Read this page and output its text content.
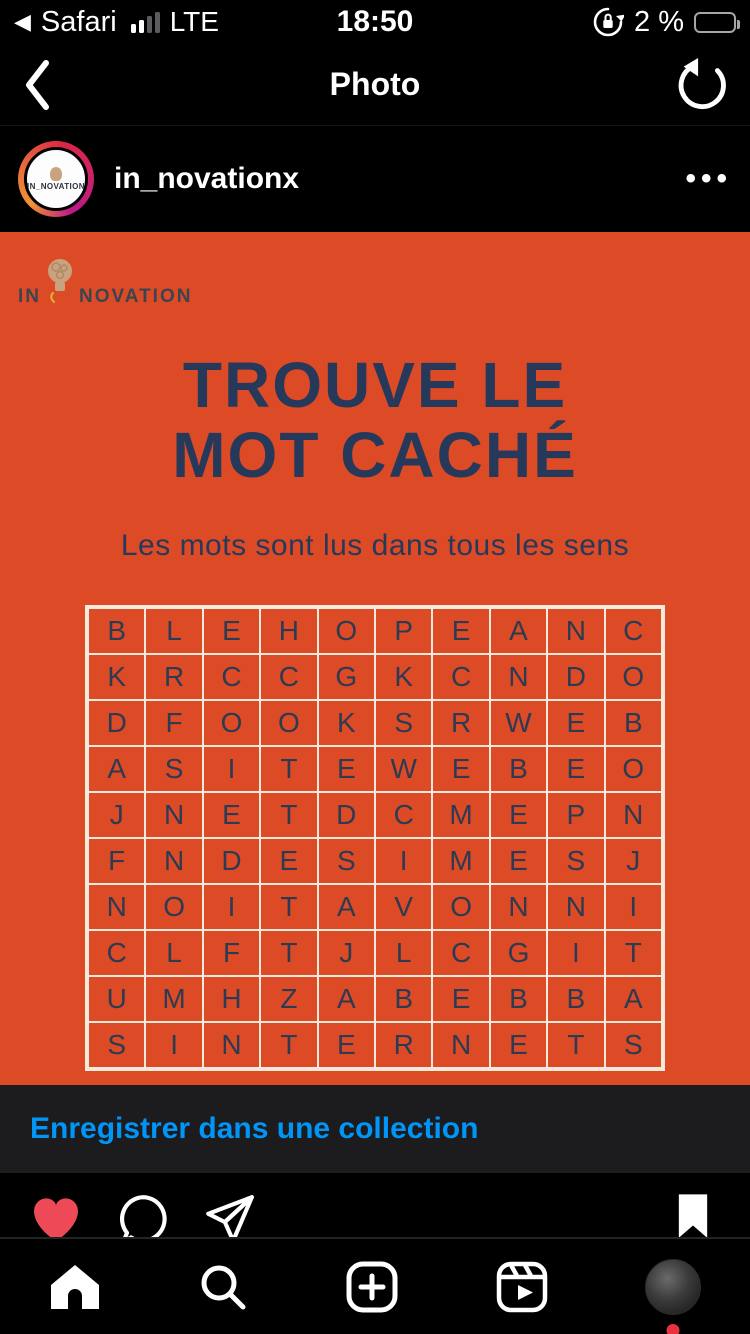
◀ Safari LTE	18:50	2 %
Photo
IN_NOVATION in_novationx	•••
IN NOVATION
TROUVE LE
MOT CACHÉ
Les mots sont lus dans tous les sens
B	L	E	H	O	P	E	A	N	C
K	R	C	C	G	K	C	N	D	O
D	F	O	O	K	S	R	W	E	B
A	S	I	T	E	W	E	B	E	O
J	N	E	T	D	C	M	E	P	N
F	N	D	E	S	I	M	E	S	J
N	O	I	T	A	V	O	N	N	I
C	L	F	T	J	L	C	G	I	T
U	M	H	Z	A	B	E	B	B	A
S	I	N	T	E	R	N	E	T	S
Enregistrer dans une collection
